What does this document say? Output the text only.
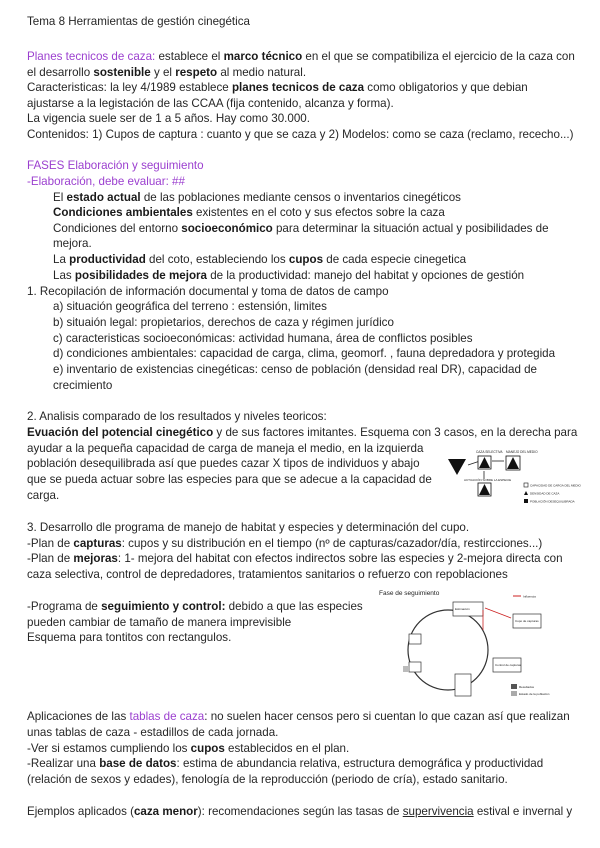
Tema 8 Herramientas de gestión cinegética
Planes tecnicos de caza: establece el marco técnico en el que se compatibiliza el ejercicio de la caza con
el desarrollo sostenible y el respeto al medio natural.
Caracteristicas: la ley 4/1989 establece planes tecnicos de caza como obligatorios y que debian
ajustarse a la legistación de las CCAA (fija contenido, alcanza y forma).
La vigencia suele ser de 1 a 5 años. Hay como 30.000.
Contenidos: 1) Cupos de captura : cuanto y que se caza y 2) Modelos: como se caza (reclamo, rececho...)
FASES Elaboración y seguimiento
-Elaboración, debe evaluar: ##
El estado actual de las poblaciones mediante censos o inventarios cinegéticos
Condiciones ambientales existentes en el coto y sus efectos sobre la caza
Condiciones del entorno socioeconómico para determinar la situación actual y posibilidades de
mejora.
La productividad del coto, estableciendo los cupos de cada especie cinegetica
Las posibilidades de mejora de la productividad: manejo del habitat y opciones de gestión
1. Recopilación de información documental y toma de datos de campo
a) situación geográfica del terreno : estensión, limites
b) situaión legal: propietarios, derechos de caza y régimen jurídico
c) caracteristicas socioeconómicas: actividad humana, área de conflictos posibles
d) condiciones ambientales: capacidad de carga, clima, geomorf. , fauna depredadora y protegida
e) inventario de existencias cinegéticas: censo de población (densidad real DR), capacidad de
crecimiento
2. Analisis comparado de los resultados y niveles teoricos:
Evuación del potencial cinegético y de sus factores imitantes. Esquema con 3 casos, en la derecha para
ayudar a la pequeña capacidad de carga de maneja el medio, en la izquierda
población desequilibrada así que puedes cazar X tipos de individuos y abajo
que se pueda actuar sobre las especies para que se adecue a la capacidad de
carga.
CAZA SELECTIVA MANEJO DEL MEDIO
ACTUACIÓN SOBRE LA ESPECIE
CAPACIDAD DE CARGA DEL MEDIO
DENSIDAD DE CAZA
POBLACIÓN DESEQUILIBRADA
3. Desarrollo dle programa de manejo de habitat y especies y determinación del cupo.
-Plan de capturas: cupos y su distribución en el tiempo (nº de capturas/cazador/día, restircciones...)
-Plan de mejoras: 1- mejora del habitat con efectos indirectos sobre las especies y 2-mejora directa con
caza selectiva, control de depredadores, tratamientos sanitarios o refuerzo con repoblaciones
-Programa de seguimiento y control: debido a que las especies
pueden cambiar de tamaño de manera imprevisible
Esquema para tontitos con rectangulos.
Fase de seguimiento
Estimación
Cupo de capturas
Control de capturas
Influencia
Resultados
Estado de la población
Aplicaciones de las tablas de caza: no suelen hacer censos pero si cuentan lo que cazan así que realizan
unas tablas de caza - estadillos de cada jornada.
-Ver si estamos cumpliendo los cupos establecidos en el plan.
-Realizar una base de datos: estima de abundancia relativa, estructura demográfica y productividad
(relación de sexos y edades), fenología de la reproducción (periodo de cría), estado sanitario.
Ejemplos aplicados (caza menor): recomendaciones según las tasas de supervivencia estival e invernal y
